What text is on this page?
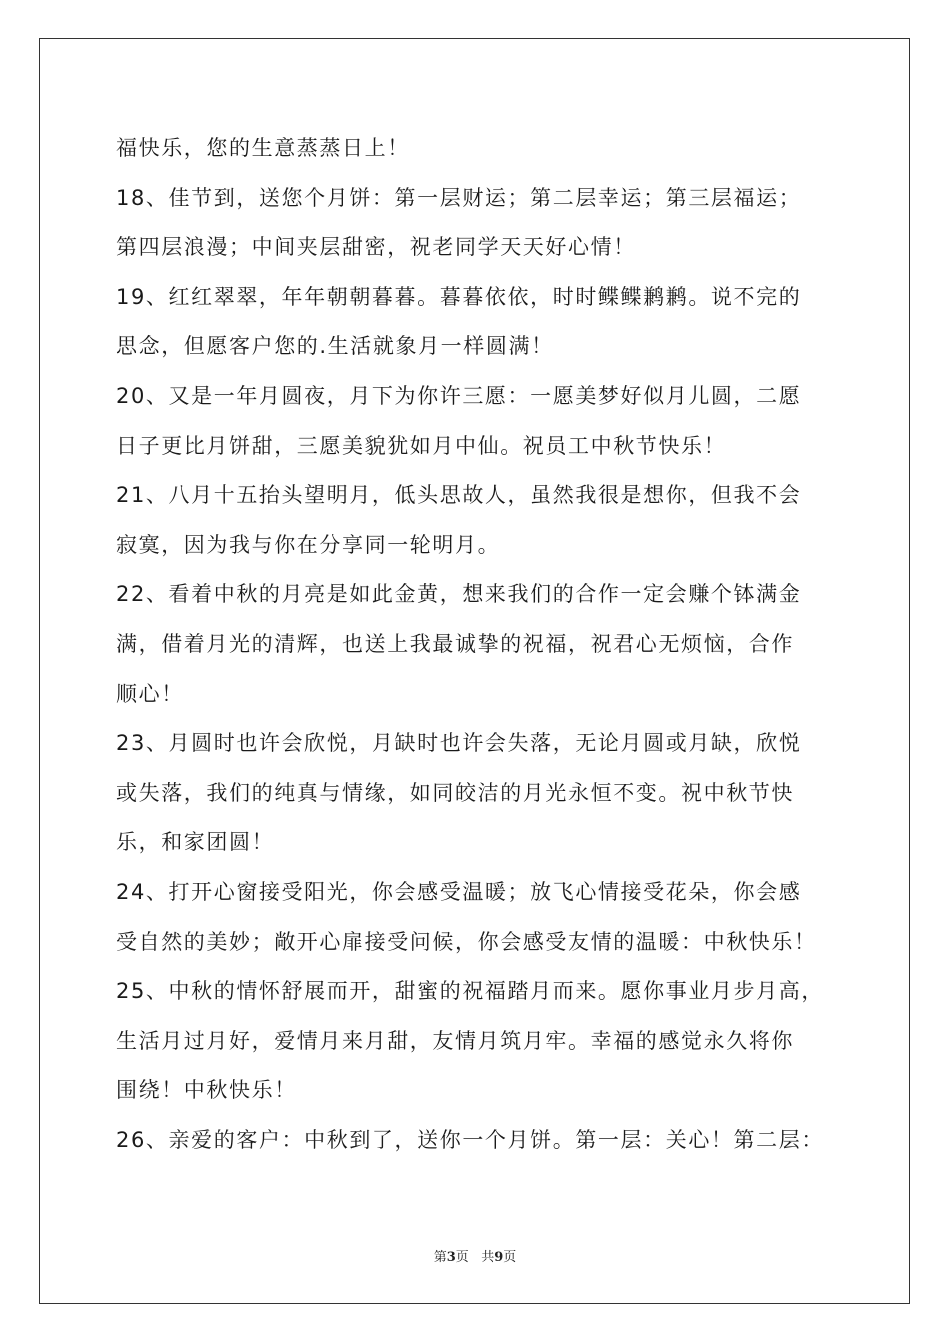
福快乐，您的生意蒸蒸日上！
18、佳节到，送您个月饼：第一层财运；第二层幸运；第三层福运；
第四层浪漫；中间夹层甜密，祝老同学天天好心情！
19、红红翠翠，年年朝朝暮暮。暮暮依依，时时鲽鲽鹣鹣。说不完的
思念，但愿客户您的.生活就象月一样圆满！
20、又是一年月圆夜，月下为你许三愿：一愿美梦好似月儿圆，二愿
日子更比月饼甜，三愿美貌犹如月中仙。祝员工中秋节快乐！
21、八月十五抬头望明月，低头思故人，虽然我很是想你，但我不会
寂寞，因为我与你在分享同一轮明月。
22、看着中秋的月亮是如此金黄，想来我们的合作一定会赚个钵满金
满，借着月光的清辉，也送上我最诚挚的祝福，祝君心无烦恼，合作
顺心！
23、月圆时也许会欣悦，月缺时也许会失落，无论月圆或月缺，欣悦
或失落，我们的纯真与情缘，如同皎洁的月光永恒不变。祝中秋节快
乐，和家团圆！
24、打开心窗接受阳光，你会感受温暖；放飞心情接受花朵，你会感
受自然的美妙；敞开心扉接受问候，你会感受友情的温暖：中秋快乐！
25、中秋的情怀舒展而开，甜蜜的祝福踏月而来。愿你事业月步月高，
生活月过月好，爱情月来月甜，友情月筑月牢。幸福的感觉永久将你
围绕！中秋快乐！
26、亲爱的客户：中秋到了，送你一个月饼。第一层：关心！第二层：
第3页 共9页
